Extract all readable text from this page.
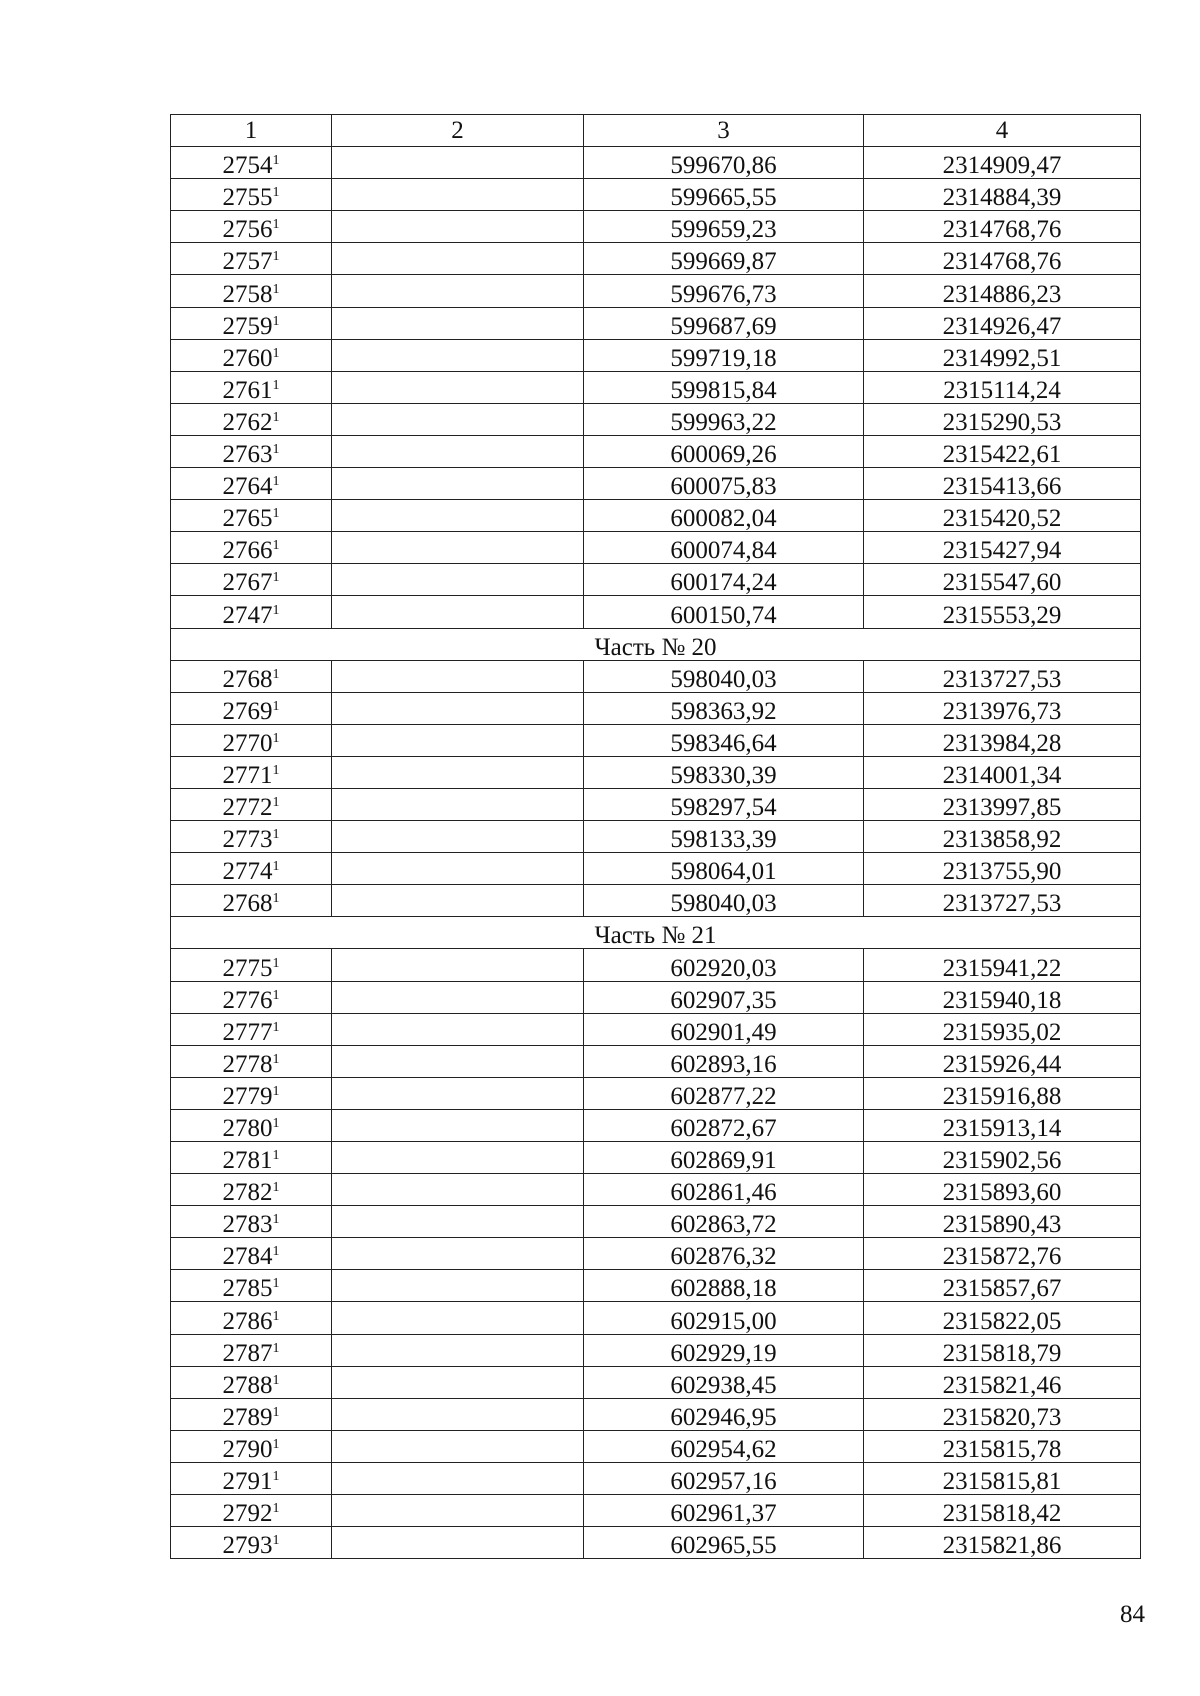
1	2	3	4
2754$^1$		599670,86	2314909,47
2755$^1$		599665,55	2314884,39
2756$^1$		599659,23	2314768,76
2757$^1$		599669,87	2314768,76
2758$^1$		599676,73	2314886,23
2759$^1$		599687,69	2314926,47
2760$^1$		599719,18	2314992,51
2761$^1$		599815,84	2315114,24
2762$^1$		599963,22	2315290,53
2763$^1$		600069,26	2315422,61
2764$^1$		600075,83	2315413,66
2765$^1$		600082,04	2315420,52
2766$^1$		600074,84	2315427,94
2767$^1$		600174,24	2315547,60
2747$^1$		600150,74	2315553,29
Часть № 20			
2768$^1$		598040,03	2313727,53
2769$^1$		598363,92	2313976,73
2770$^1$		598346,64	2313984,28
2771$^1$		598330,39	2314001,34
2772$^1$		598297,54	2313997,85
2773$^1$		598133,39	2313858,92
2774$^1$		598064,01	2313755,90
2768$^1$		598040,03	2313727,53
Часть № 21			
2775$^1$		602920,03	2315941,22
2776$^1$		602907,35	2315940,18
2777$^1$		602901,49	2315935,02
2778$^1$		602893,16	2315926,44
2779$^1$		602877,22	2315916,88
2780$^1$		602872,67	2315913,14
2781$^1$		602869,91	2315902,56
2782$^1$		602861,46	2315893,60
2783$^1$		602863,72	2315890,43
2784$^1$		602876,32	2315872,76
2785$^1$		602888,18	2315857,67
2786$^1$		602915,00	2315822,05
2787$^1$		602929,19	2315818,79
2788$^1$		602938,45	2315821,46
2789$^1$		602946,95	2315820,73
2790$^1$		602954,62	2315815,78
2791$^1$		602957,16	2315815,81
2792$^1$		602961,37	2315818,42
2793$^1$		602965,55	2315821,86
84
